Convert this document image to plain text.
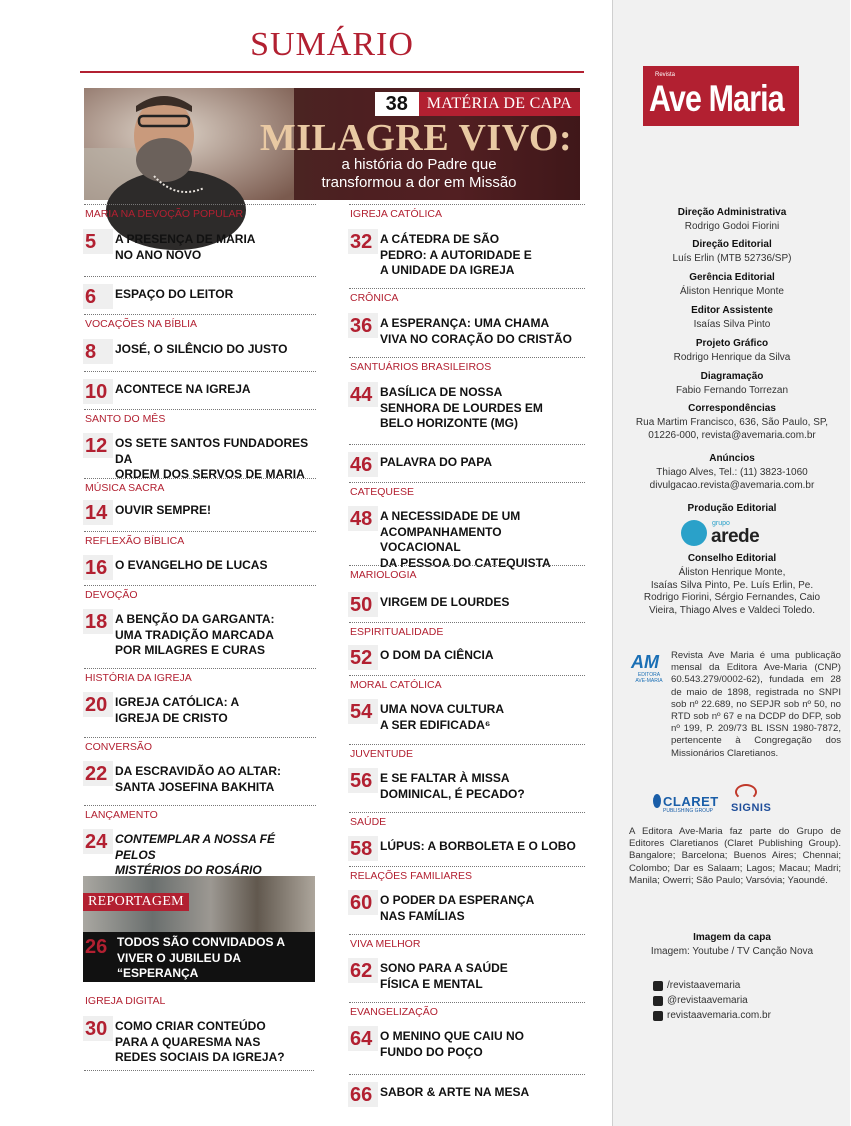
SUMÁRIO
38	MATÉRIA DE CAPA
MILAGRE VIVO:
a história do Padre que
transformou a dor em Missão
REPORTAGEM
26 TODOS SÃO CONVIDADOS A
VIVER O JUBILEU DA “ESPERANÇA
QUE NÃO ENGANA”
IGREJA DIGITAL
30 COMO CRIAR CONTEÚDO
PARA A QUARESMA NAS
REDES SOCIAIS DA IGREJA?
Revista
Ave Maria
Direção Administrativa
Rodrigo Godoi Fiorini
Direção Editorial
Luís Erlin (MTB 52736/SP)
Gerência Editorial
Áliston Henrique Monte
Editor Assistente
Isaías Silva Pinto
Projeto Gráfico
Rodrigo Henrique da Silva
Diagramação
Fabio Fernando Torrezan
Correspondências
Rua Martim Francisco, 636, São Paulo, SP,
01226-000, revista@avemaria.com.br
Anúncios
Thiago Alves, Tel.: (11) 3823-1060
divulgacao.revista@avemaria.com.br
Produção Editorial
Conselho Editorial
Áliston Henrique Monte,
Isaías Silva Pinto, Pe. Luís Erlin, Pe.
Rodrigo Fiorini, Sérgio Fernandes, Caio
Vieira, Thiago Alves e Valdeci Toledo.
grupo
arede
AM
EDITORA
AVE-MARIA
Revista Ave Maria é uma publicação mensal da Editora Ave-Maria (CNP) 60.543.279/0002-62), fundada em 28 de maio de 1898, registrada no SNPI sob nº 22.689, no SEPJR sob nº 50, no RTD sob nº 67 e na DCDP do DFP, sob nº 199, P. 209/73 BL ISSN 1980-7872, pertencente à Congregação dos Missionários Claretianos.
CLARET
PUBLISHING GROUP SIGNIS
A Editora Ave-Maria faz parte do Grupo de Editores Claretianos (Claret Publishing Group). Bangalore; Barcelona; Buenos Aires; Chennai; Colombo; Dar es Salaam; Lagos; Macau; Madri; Manila; Owerri; São Paulo; Varsóvia; Yaoundé.
Imagem da capa
Imagem: Youtube / TV Canção Nova
/revistaavemaria
@revistaavemaria
revistaavemaria.com.br
MARIA NA DEVOÇÃO POPULAR
5	A PRESENÇA DE MARIA
NO ANO NOVO
6	ESPAÇO DO LEITOR
VOCAÇÕES NA BÍBLIA
8	JOSÉ, O SILÊNCIO DO JUSTO
10 ACONTECE NA IGREJA
SANTO DO MÊS
12 OS SETE SANTOS FUNDADORES DA
ORDEM DOS SERVOS DE MARIA
MÚSICA SACRA
14 OUVIR SEMPRE!
REFLEXÃO BÍBLICA
16 O EVANGELHO DE LUCAS
DEVOÇÃO
18 A BENÇÃO DA GARGANTA:
UMA TRADIÇÃO MARCADA
POR MILAGRES E CURAS
HISTÓRIA DA IGREJA
20 IGREJA CATÓLICA: A
IGREJA DE CRISTO
CONVERSÃO
22 DA ESCRAVIDÃO AO ALTAR:
SANTA JOSEFINA BAKHITA
LANÇAMENTO
24 CONTEMPLAR A NOSSA FÉ PELOS
MISTÉRIOS DO ROSÁRIO
IGREJA CATÓLICA
32 A CÁTEDRA DE SÃO
PEDRO: A AUTORIDADE E
A UNIDADE DA IGREJA
CRÔNICA
36 A ESPERANÇA: UMA CHAMA
VIVA NO CORAÇÃO DO CRISTÃO
SANTUÁRIOS BRASILEIROS
44 BASÍLICA DE NOSSA
SENHORA DE LOURDES EM
BELO HORIZONTE (MG)
46 PALAVRA DO PAPA
CATEQUESE
48 A NECESSIDADE DE UM
ACOMPANHAMENTO VOCACIONAL
DA PESSOA DO CATEQUISTA
MARIOLOGIA
50 VIRGEM DE LOURDES
ESPIRITUALIDADE
52 O DOM DA CIÊNCIA
MORAL CATÓLICA
54 UMA NOVA CULTURA
A SER EDIFICADA⁶
JUVENTUDE
56 E SE FALTAR À MISSA
DOMINICAL, É PECADO?
SAÚDE
58 LÚPUS: A BORBOLETA E O LOBO
RELAÇÕES FAMILIARES
60 O PODER DA ESPERANÇA
NAS FAMÍLIAS
VIVA MELHOR
62 SONO PARA A SAÚDE
FÍSICA E MENTAL
EVANGELIZAÇÃO
64 O MENINO QUE CAIU NO
FUNDO DO POÇO
66 SABOR & ARTE NA MESA
